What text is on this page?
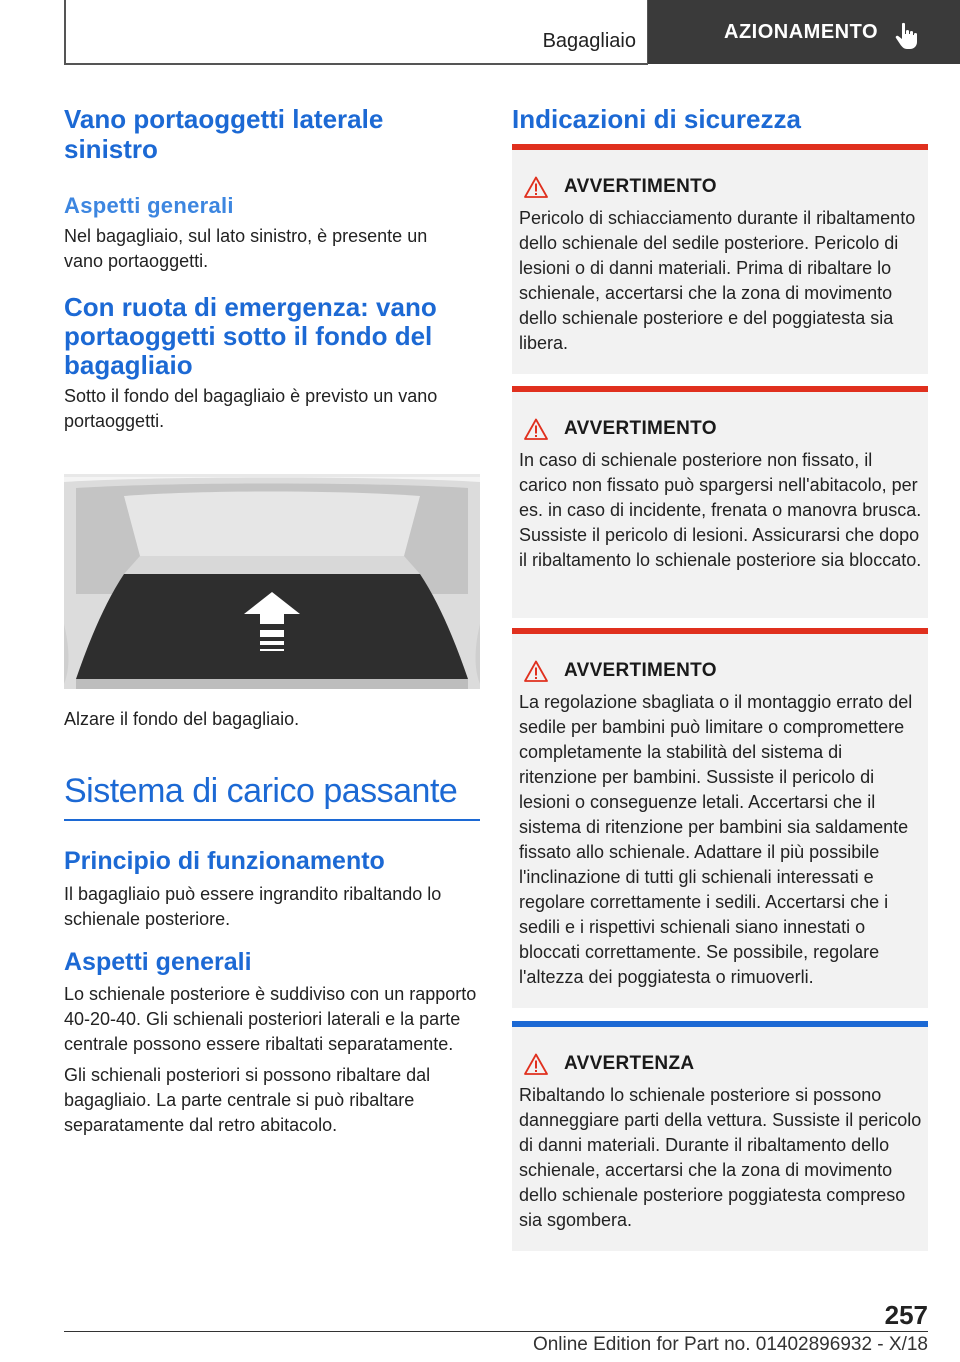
Bagagliaio	AZIONAMENTO
Vano portaoggetti laterale sinistro
Aspetti generali
Nel bagagliaio, sul lato sinistro, è presente un vano portaoggetti.
Con ruota di emergenza: vano portaoggetti sotto il fondo del bagagliaio
Sotto il fondo del bagagliaio è previsto un vano portaoggetti.
Alzare il fondo del bagagliaio.
Sistema di carico passante
Principio di funzionamento
Il bagagliaio può essere ingrandito ribaltando lo schienale posteriore.
Aspetti generali
Lo schienale posteriore è suddiviso con un rapporto 40-20-40. Gli schienali posteriori laterali e la parte centrale possono essere ribaltati separatamente.
Gli schienali posteriori si possono ribaltare dal bagagliaio. La parte centrale si può ribaltare separatamente dal retro abitacolo.
Indicazioni di sicurezza
AVVERTIMENTO
Pericolo di schiacciamento durante il ribaltamento dello schienale del sedile posteriore. Pericolo di lesioni o di danni materiali. Prima di ribaltare lo schienale, accertarsi che la zona di movimento dello schienale posteriore e del poggiatesta sia libera.
AVVERTIMENTO
In caso di schienale posteriore non fissato, il carico non fissato può spargersi nell'abitacolo, per es. in caso di incidente, frenata o manovra brusca. Sussiste il pericolo di lesioni. Assicurarsi che dopo il ribaltamento lo schienale posteriore sia bloccato.
AVVERTIMENTO
La regolazione sbagliata o il montaggio errato del sedile per bambini può limitare o compromettere completamente la stabilità del sistema di ritenzione per bambini. Sussiste il pericolo di lesioni o conseguenze letali. Accertarsi che il sistema di ritenzione per bambini sia saldamente fissato allo schienale. Adattare il più possibile l'inclinazione di tutti gli schienali interessati e regolare correttamente i sedili. Accertarsi che i sedili e i rispettivi schienali siano innestati o bloccati correttamente. Se possibile, regolare l'altezza dei poggiatesta o rimuoverli.
AVVERTENZA
Ribaltando lo schienale posteriore si possono danneggiare parti della vettura. Sussiste il pericolo di danni materiali. Durante il ribaltamento dello schienale, accertarsi che la zona di movimento dello schienale posteriore poggiatesta compreso sia sgombera.
257
Online Edition for Part no. 01402896932 - X/18
